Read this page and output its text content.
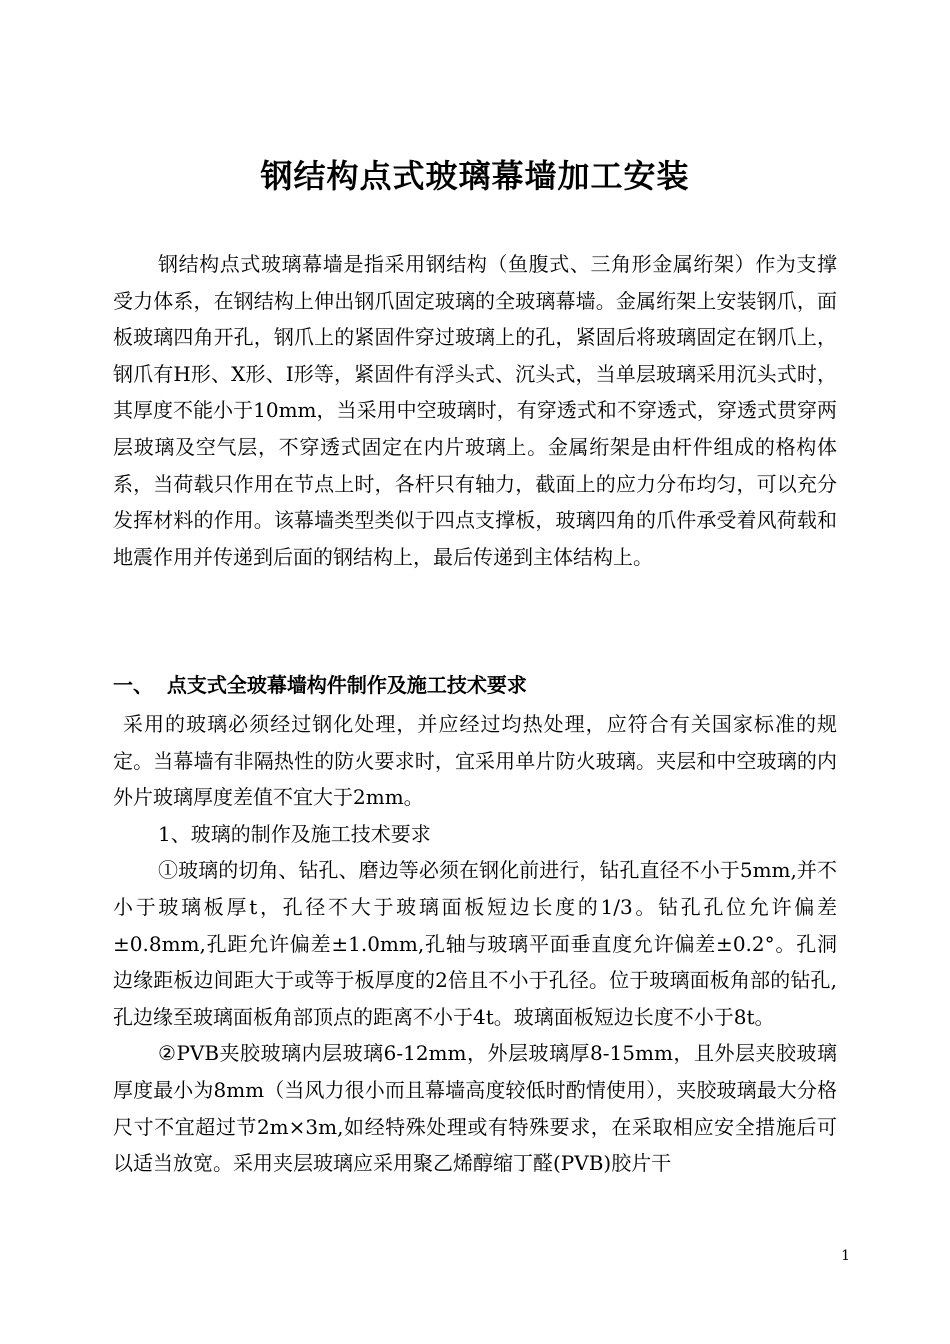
钢结构点式玻璃幕墙加工安装

钢结构点式玻璃幕墙是指采用钢结构（鱼腹式、三角形金属绗架）作为支撑受力体系，在钢结构上伸出钢爪固定玻璃的全玻璃幕墙。金属绗架上安装钢爪，面板玻璃四角开孔，钢爪上的紧固件穿过玻璃上的孔，紧固后将玻璃固定在钢爪上，钢爪有H形、X形、I形等，紧固件有浮头式、沉头式，当单层玻璃采用沉头式时，其厚度不能小于10mm，当采用中空玻璃时，有穿透式和不穿透式，穿透式贯穿两层玻璃及空气层，不穿透式固定在内片玻璃上。金属绗架是由杆件组成的格构体系，当荷载只作用在节点上时，各杆只有轴力，截面上的应力分布均匀，可以充分发挥材料的作用。该幕墙类型类似于四点支撑板，玻璃四角的爪件承受着风荷载和地震作用并传递到后面的钢结构上，最后传递到主体结构上。

一、  点支式全玻幕墙构件制作及施工技术要求

采用的玻璃必须经过钢化处理，并应经过均热处理，应符合有关国家标准的规定。当幕墙有非隔热性的防火要求时，宜采用单片防火玻璃。夹层和中空玻璃的内外片玻璃厚度差值不宜大于2mm。

1、玻璃的制作及施工技术要求

①玻璃的切角、钻孔、磨边等必须在钢化前进行，钻孔直径不小于5mm,并不小于玻璃板厚t，孔径不大于玻璃面板短边长度的1/3。钻孔孔位允许偏差±0.8mm,孔距允许偏差±1.0mm,孔轴与玻璃平面垂直度允许偏差±0.2°。孔洞边缘距板边间距大于或等于板厚度的2倍且不小于孔径。位于玻璃面板角部的钻孔,孔边缘至玻璃面板角部顶点的距离不小于4t。玻璃面板短边长度不小于8t。

②PVB夹胶玻璃内层玻璃6-12mm，外层玻璃厚8-15mm，且外层夹胶玻璃厚度最小为8mm（当风力很小而且幕墙高度较低时酌情使用），夹胶玻璃最大分格尺寸不宜超过节2m×3m,如经特殊处理或有特殊要求，在采取相应安全措施后可以适当放宽。采用夹层玻璃应采用聚乙烯醇缩丁醛(PVB)胶片干

1
